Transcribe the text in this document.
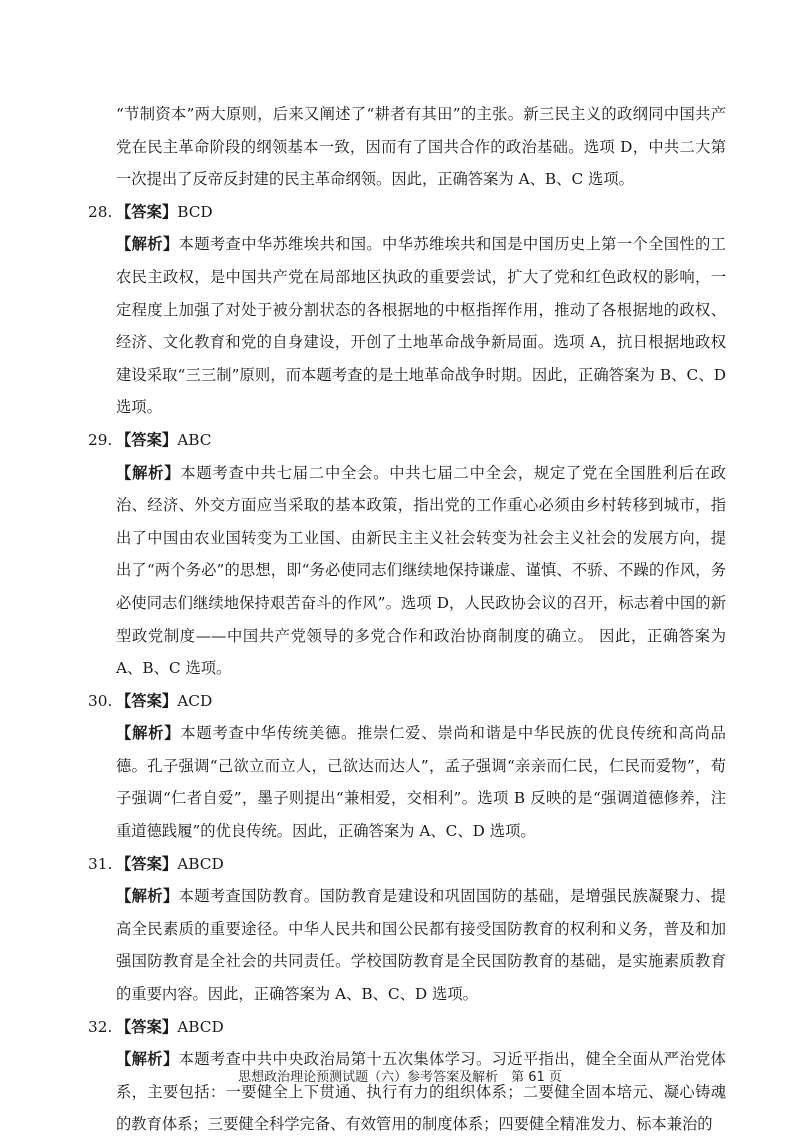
“节制资本”两大原则，后来又阐述了“耕者有其田”的主张。新三民主义的政纲同中国共产党在民主革命阶段的纲领基本一致，因而有了国共合作的政治基础。选项 D，中共二大第一次提出了反帝反封建的民主革命纲领。因此，正确答案为 A、B、C 选项。

28. 【答案】BCD

【解析】本题考查中华苏维埃共和国。中华苏维埃共和国是中国历史上第一个全国性的工农民主政权，是中国共产党在局部地区执政的重要尝试，扩大了党和红色政权的影响，一定程度上加强了对处于被分割状态的各根据地的中枢指挥作用，推动了各根据地的政权、经济、文化教育和党的自身建设，开创了土地革命战争新局面。选项 A，抗日根据地政权建设采取“三三制”原则，而本题考查的是土地革命战争时期。因此，正确答案为 B、C、D 选项。

29. 【答案】ABC

【解析】本题考查中共七届二中全会。中共七届二中全会，规定了党在全国胜利后在政治、经济、外交方面应当采取的基本政策，指出党的工作重心必须由乡村转移到城市，指出了中国由农业国转变为工业国、由新民主主义社会转变为社会主义社会的发展方向，提出了“两个务必”的思想，即“务必使同志们继续地保持谦虚、谨慎、不骄、不躁的作风，务必使同志们继续地保持艰苦奋斗的作风”。选项 D，人民政协会议的召开，标志着中国的新型政党制度——中国共产党领导的多党合作和政治协商制度的确立。 因此，正确答案为 A、B、C 选项。

30. 【答案】ACD

【解析】本题考查中华传统美德。推崇仁爱、崇尚和谐是中华民族的优良传统和高尚品德。孔子强调“己欲立而立人，己欲达而达人”，孟子强调“亲亲而仁民，仁民而爱物”，荀子强调“仁者自爱”，墨子则提出“兼相爱，交相利”。选项 B 反映的是“强调道德修养，注重道德践履”的优良传统。因此，正确答案为 A、C、D 选项。

31. 【答案】ABCD

【解析】本题考查国防教育。国防教育是建设和巩固国防的基础，是增强民族凝聚力、提高全民素质的重要途径。中华人民共和国公民都有接受国防教育的权利和义务，普及和加强国防教育是全社会的共同责任。学校国防教育是全民国防教育的基础，是实施素质教育的重要内容。因此，正确答案为 A、B、C、D 选项。

32. 【答案】ABCD

【解析】本题考查中共中央政治局第十五次集体学习。习近平指出，健全全面从严治党体系，主要包括：一要健全上下贯通、执行有力的组织体系；二要健全固本培元、凝心铸魂的教育体系；三要健全科学完备、有效管用的制度体系；四要健全精准发力、标本兼治的

思想政治理论预测试题（六）参考答案及解析　第 61 页
